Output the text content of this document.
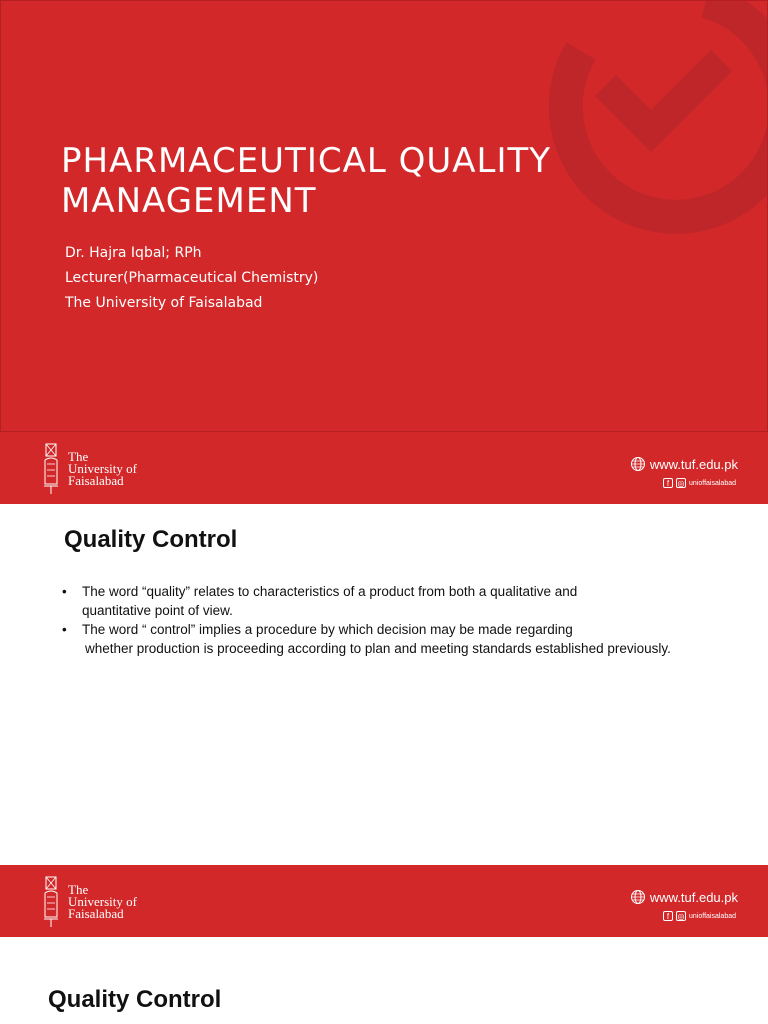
PHARMACEUTICAL QUALITY
MANAGEMENT
Dr. Hajra Iqbal; RPh
Lecturer(Pharmaceutical Chemistry)
The University of Faisalabad
The
University of
Faisalabad
www.tuf.edu.pk
f	◎ unioffaisalabad
Quality Control
• The word “quality” relates to characteristics of a product from both a qualitative and
quantitative point of view.
• The word “ control” implies a procedure by which decision may be made regarding
whether production is proceeding according to plan and meeting standards established previously.
The
University of
Faisalabad
www.tuf.edu.pk
f	◎ unioffaisalabad
Quality Control
